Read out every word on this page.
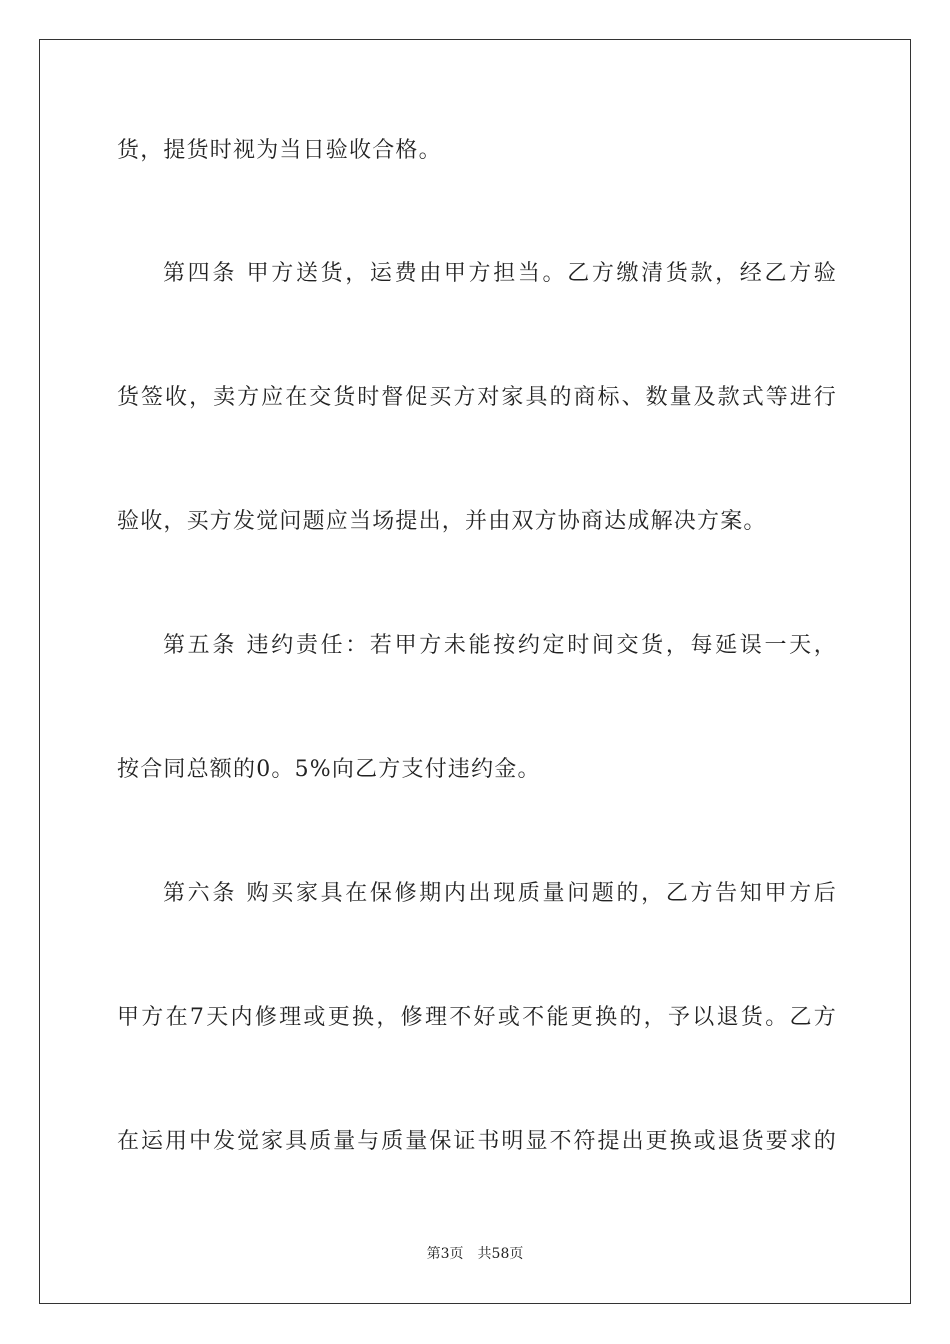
货，提货时视为当日验收合格。
第四条 甲方送货，运费由甲方担当。乙方缴清货款，经乙方验
货签收，卖方应在交货时督促买方对家具的商标、数量及款式等进行
验收，买方发觉问题应当场提出，并由双方协商达成解决方案。
第五条 违约责任：若甲方未能按约定时间交货，每延误一天，
按合同总额的0。5%向乙方支付违约金。
第六条 购买家具在保修期内出现质量问题的，乙方告知甲方后
甲方在7天内修理或更换，修理不好或不能更换的，予以退货。乙方
在运用中发觉家具质量与质量保证书明显不符提出更换或退货要求的
第3页 共58页
